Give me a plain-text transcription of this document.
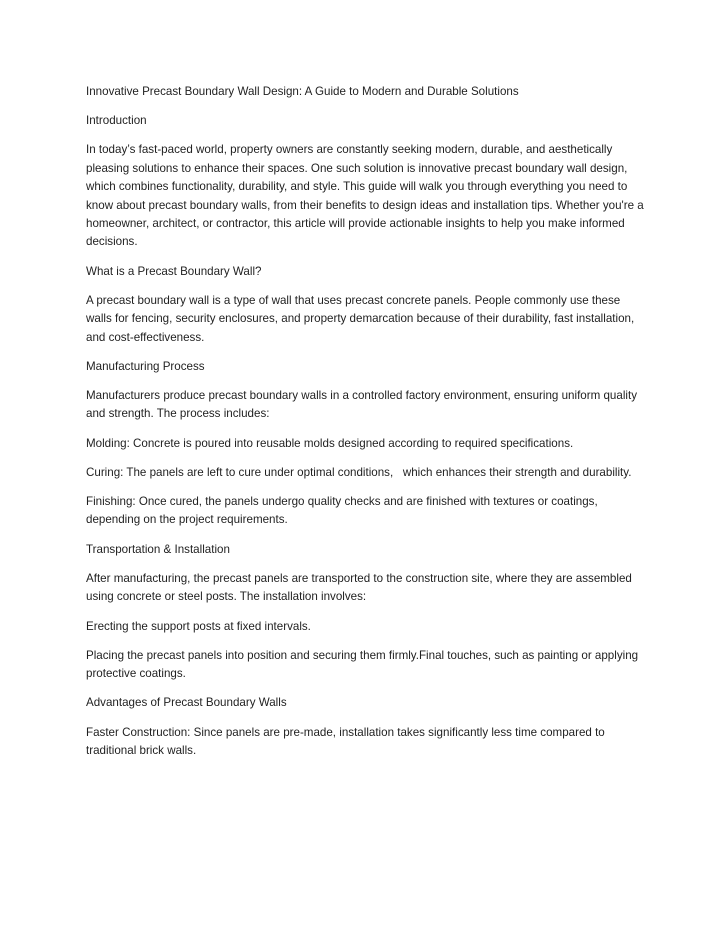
Innovative Precast Boundary Wall Design: A Guide to Modern and Durable Solutions

Introduction

In today’s fast-paced world, property owners are constantly seeking modern, durable, and aesthetically pleasing solutions to enhance their spaces. One such solution is innovative precast boundary wall design, which combines functionality, durability, and style. This guide will walk you through everything you need to know about precast boundary walls, from their benefits to design ideas and installation tips. Whether you're a homeowner, architect, or contractor, this article will provide actionable insights to help you make informed decisions.

What is a Precast Boundary Wall?

A precast boundary wall is a type of wall that uses precast concrete panels. People commonly use these walls for fencing, security enclosures, and property demarcation because of their durability, fast installation, and cost-effectiveness.

Manufacturing Process

Manufacturers produce precast boundary walls in a controlled factory environment, ensuring uniform quality and strength. The process includes:

Molding: Concrete is poured into reusable molds designed according to required specifications.

Curing: The panels are left to cure under optimal conditions,   which enhances their strength and durability.

Finishing: Once cured, the panels undergo quality checks and are finished with textures or coatings, depending on the project requirements.

Transportation & Installation

After manufacturing, the precast panels are transported to the construction site, where they are assembled using concrete or steel posts. The installation involves:

Erecting the support posts at fixed intervals.

Placing the precast panels into position and securing them firmly.Final touches, such as painting or applying protective coatings.

Advantages of Precast Boundary Walls

Faster Construction: Since panels are pre-made, installation takes significantly less time compared to traditional brick walls.
